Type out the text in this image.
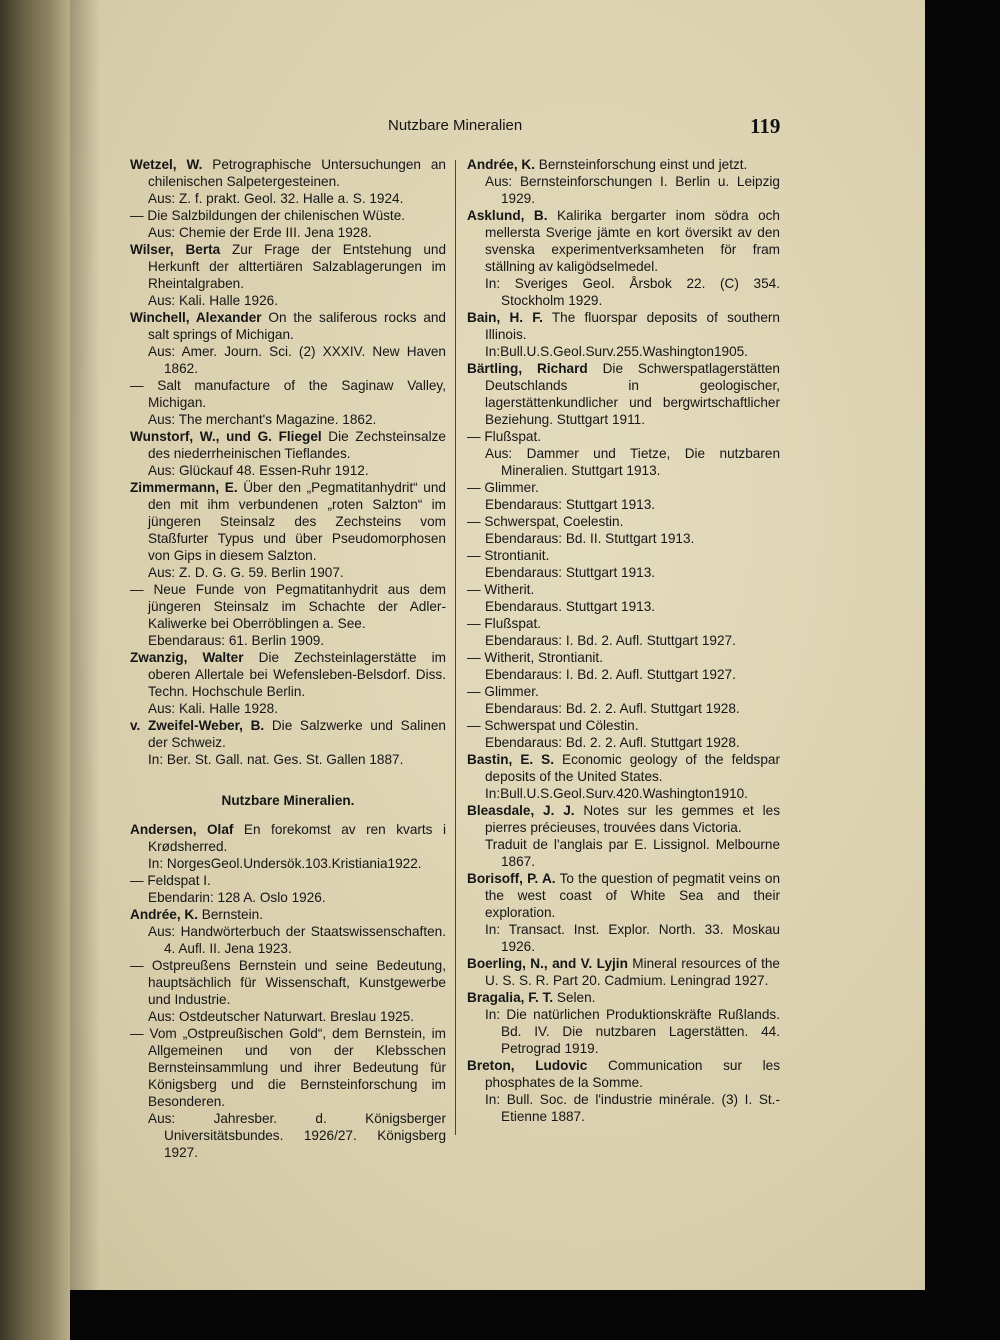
Nutzbare Mineralien	119

Wetzel, W. Petrographische Untersuchungen an chilenischen Salpetergesteinen.

Aus: Z. f. prakt. Geol. 32. Halle a. S. 1924.

— Die Salzbildungen der chilenischen Wüste.

Aus: Chemie der Erde III. Jena 1928.

Wilser, Berta Zur Frage der Entstehung und Herkunft der alttertiären Salzablagerungen im Rheintalgraben.

Aus: Kali. Halle 1926.

Winchell, Alexander On the saliferous rocks and salt springs of Michigan.

Aus: Amer. Journ. Sci. (2) XXXIV. New Haven 1862.

— Salt manufacture of the Saginaw Valley, Michigan.

Aus: The merchant's Magazine. 1862.

Wunstorf, W., und G. Fliegel Die Zechsteinsalze des niederrheinischen Tieflandes.

Aus: Glückauf 48. Essen-Ruhr 1912.

Zimmermann, E. Über den „Pegmatitanhydrit“ und den mit ihm verbundenen „roten Salzton“ im jüngeren Steinsalz des Zechsteins vom Staßfurter Typus und über Pseudomorphosen von Gips in diesem Salzton.

Aus: Z. D. G. G. 59. Berlin 1907.

— Neue Funde von Pegmatitanhydrit aus dem jüngeren Steinsalz im Schachte der Adler-Kaliwerke bei Oberröblingen a. See.

Ebendaraus: 61. Berlin 1909.

Zwanzig, Walter Die Zechsteinlagerstätte im oberen Allertale bei Wefensleben-Belsdorf. Diss. Techn. Hochschule Berlin.

Aus: Kali. Halle 1928.

v. Zweifel-Weber, B. Die Salzwerke und Salinen der Schweiz.

In: Ber. St. Gall. nat. Ges. St. Gallen 1887.

Nutzbare Mineralien.

Andersen, Olaf En forekomst av ren kvarts i Krødsherred.

In: NorgesGeol.Undersök.103.Kristiania1922.

— Feldspat I.

Ebendarin: 128 A. Oslo 1926.

Andrée, K. Bernstein.

Aus: Handwörterbuch der Staatswissenschaften. 4. Aufl. II. Jena 1923.

— Ostpreußens Bernstein und seine Bedeutung, hauptsächlich für Wissenschaft, Kunstgewerbe und Industrie.

Aus: Ostdeutscher Naturwart. Breslau 1925.

— Vom „Ostpreußischen Gold“, dem Bernstein, im Allgemeinen und von der Klebsschen Bernsteinsammlung und ihrer Bedeutung für Königsberg und die Bernsteinforschung im Besonderen.

Aus: Jahresber. d. Königsberger Universitätsbundes. 1926/27. Königsberg 1927.

Andrée, K. Bernsteinforschung einst und jetzt.

Aus: Bernsteinforschungen I. Berlin u. Leipzig 1929.

Asklund, B. Kalirika bergarter inom södra och mellersta Sverige jämte en kort översikt av den svenska experimentverksamheten för fram ställning av kaligödselmedel.

In: Sveriges Geol. Årsbok 22. (C) 354. Stockholm 1929.

Bain, H. F. The fluorspar deposits of southern Illinois.

In:Bull.U.S.Geol.Surv.255.Washington1905.

Bärtling, Richard Die Schwerspatlagerstätten Deutschlands in geologischer, lagerstättenkundlicher und bergwirtschaftlicher Beziehung. Stuttgart 1911.

— Flußspat.

Aus: Dammer und Tietze, Die nutzbaren Mineralien. Stuttgart 1913.

— Glimmer.

Ebendaraus: Stuttgart 1913.

— Schwerspat, Coelestin.

Ebendaraus: Bd. II. Stuttgart 1913.

— Strontianit.

Ebendaraus: Stuttgart 1913.

— Witherit.

Ebendaraus. Stuttgart 1913.

— Flußspat.

Ebendaraus: I. Bd. 2. Aufl. Stuttgart 1927.

— Witherit, Strontianit.

Ebendaraus: I. Bd. 2. Aufl. Stuttgart 1927.

— Glimmer.

Ebendaraus: Bd. 2. 2. Aufl. Stuttgart 1928.

— Schwerspat und Cölestin.

Ebendaraus: Bd. 2. 2. Aufl. Stuttgart 1928.

Bastin, E. S. Economic geology of the feldspar deposits of the United States.

In:Bull.U.S.Geol.Surv.420.Washington1910.

Bleasdale, J. J. Notes sur les gemmes et les pierres précieuses, trouvées dans Victoria.

Traduit de l'anglais par E. Lissignol. Melbourne 1867.

Borisoff, P. A. To the question of pegmatit veins on the west coast of White Sea and their exploration.

In: Transact. Inst. Explor. North. 33. Moskau 1926.

Boerling, N., and V. Lyjin Mineral resources of the U. S. S. R. Part 20. Cadmium. Leningrad 1927.

Bragalia, F. T. Selen.

In: Die natürlichen Produktionskräfte Rußlands. Bd. IV. Die nutzbaren Lagerstätten. 44. Petrograd 1919.

Breton, Ludovic Communication sur les phosphates de la Somme.

In: Bull. Soc. de l'industrie minérale. (3) I. St.-Etienne 1887.
